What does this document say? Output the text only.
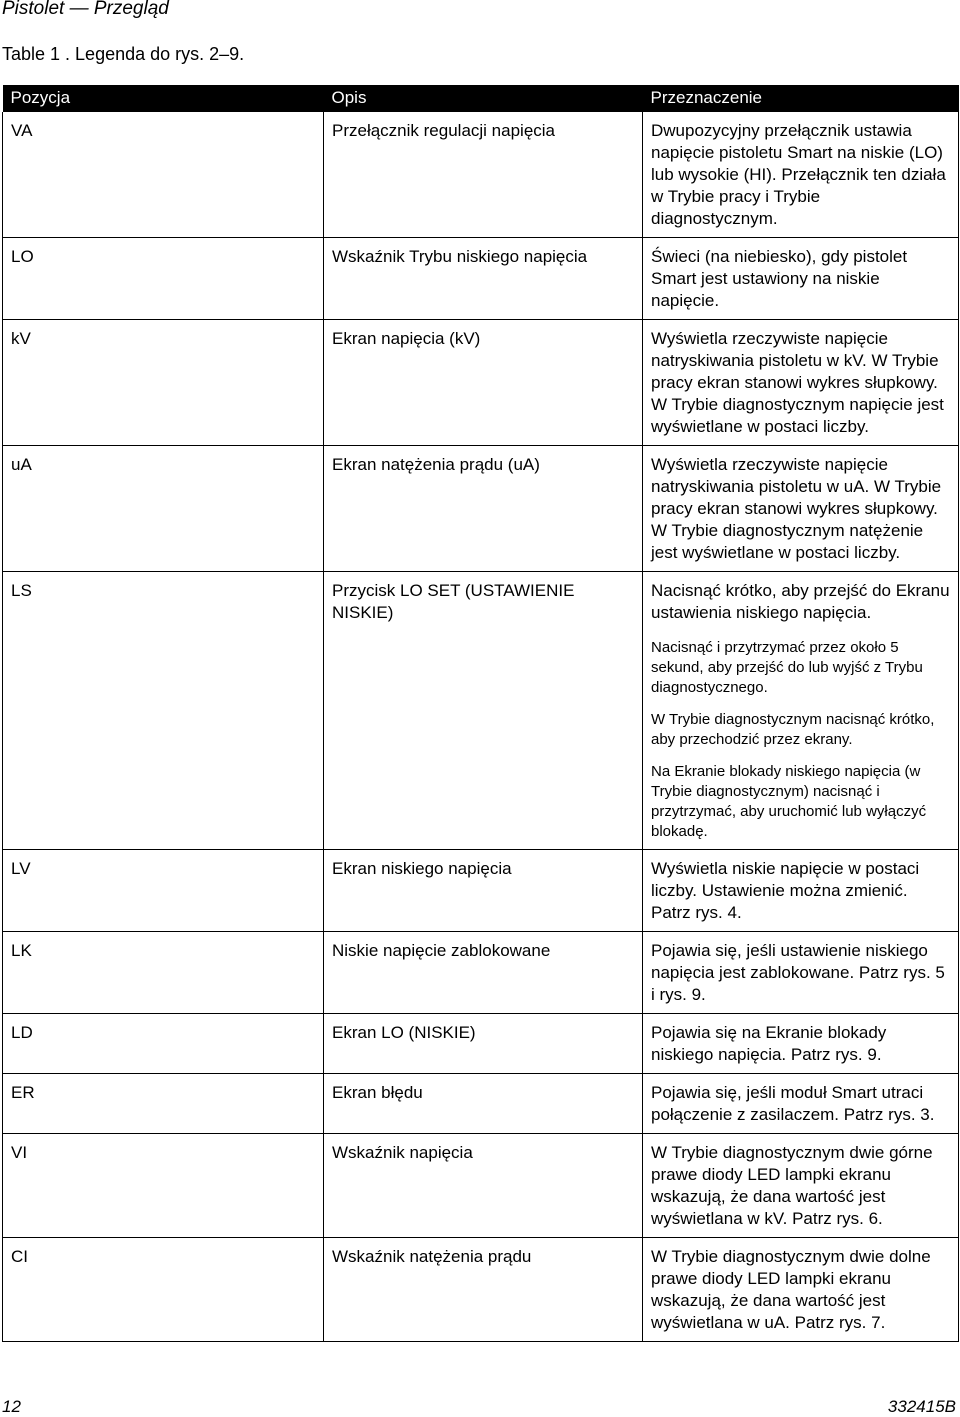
Pistolet — Przegląd
Table 1 . Legenda do rys. 2–9.
Pozycja	Opis	Przeznaczenie
VA	Przełącznik regulacji napięcia	Dwupozycyjny przełącznik ustawia napięcie pistoletu Smart na niskie (LO) lub wysokie (HI). Przełącznik ten działa w Trybie pracy i Trybie diagnostycznym.

LO	Wskaźnik Trybu niskiego napięcia	Świeci (na niebiesko), gdy pistolet Smart jest ustawiony na niskie napięcie.

kV	Ekran napięcia (kV)	Wyświetla rzeczywiste napięcie natryskiwania pistoletu w kV. W Trybie pracy ekran stanowi wykres słupkowy. W Trybie diagnostycznym napięcie jest wyświetlane w postaci liczby.

uA	Ekran natężenia prądu (uA)	Wyświetla rzeczywiste napięcie natryskiwania pistoletu w uA. W Trybie pracy ekran stanowi wykres słupkowy. W Trybie diagnostycznym natężenie jest wyświetlane w postaci liczby.

LS	Przycisk LO SET (USTAWIENIE NISKIE)	Nacisnąć krótko, aby przejść do Ekranu ustawienia niskiego napięcia.
Nacisnąć i przytrzymać przez około 5 sekund, aby przejść do lub wyjść z Trybu diagnostycznego.
W Trybie diagnostycznym nacisnąć krótko, aby przechodzić przez ekrany.
Na Ekranie blokady niskiego napięcia (w Trybie diagnostycznym) nacisnąć i przytrzymać, aby uruchomić lub wyłączyć blokadę.

LV	Ekran niskiego napięcia	Wyświetla niskie napięcie w postaci liczby. Ustawienie można zmienić. Patrz rys. 4.

LK	Niskie napięcie zablokowane	Pojawia się, jeśli ustawienie niskiego napięcia jest zablokowane. Patrz rys. 5 i rys. 9.

LD	Ekran LO (NISKIE)	Pojawia się na Ekranie blokady niskiego napięcia. Patrz rys. 9.

ER	Ekran błędu	Pojawia się, jeśli moduł Smart utraci połączenie z zasilaczem. Patrz rys. 3.

VI	Wskaźnik napięcia	W Trybie diagnostycznym dwie górne prawe diody LED lampki ekranu wskazują, że dana wartość jest wyświetlana w kV. Patrz rys. 6.

CI	Wskaźnik natężenia prądu	W Trybie diagnostycznym dwie dolne prawe diody LED lampki ekranu wskazują, że dana wartość jest wyświetlana w uA. Patrz rys. 7.
12	332415B
